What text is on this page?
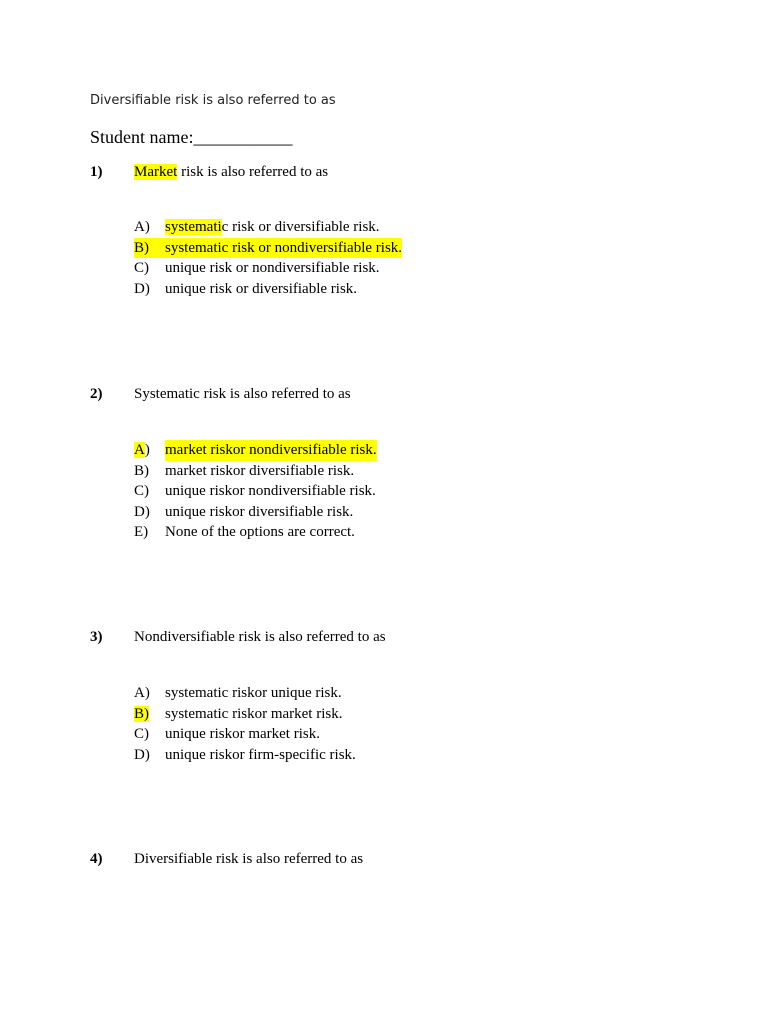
Diversifiable risk is also referred to as
Student name:___________
1) Market risk is also referred to as
A)	systematic risk or diversifiable risk.
B)	systematic risk or nondiversifiable risk.
C)	unique risk or nondiversifiable risk.
D)	unique risk or diversifiable risk.
2) Systematic risk is also referred to as
A)	market riskor nondiversifiable risk.
B)	market riskor diversifiable risk.
C)	unique riskor nondiversifiable risk.
D)	unique riskor diversifiable risk.
E)	None of the options are correct.
3) Nondiversifiable risk is also referred to as
A)	systematic riskor unique risk.
B)	systematic riskor market risk.
C)	unique riskor market risk.
D)	unique riskor firm-specific risk.
4) Diversifiable risk is also referred to as
